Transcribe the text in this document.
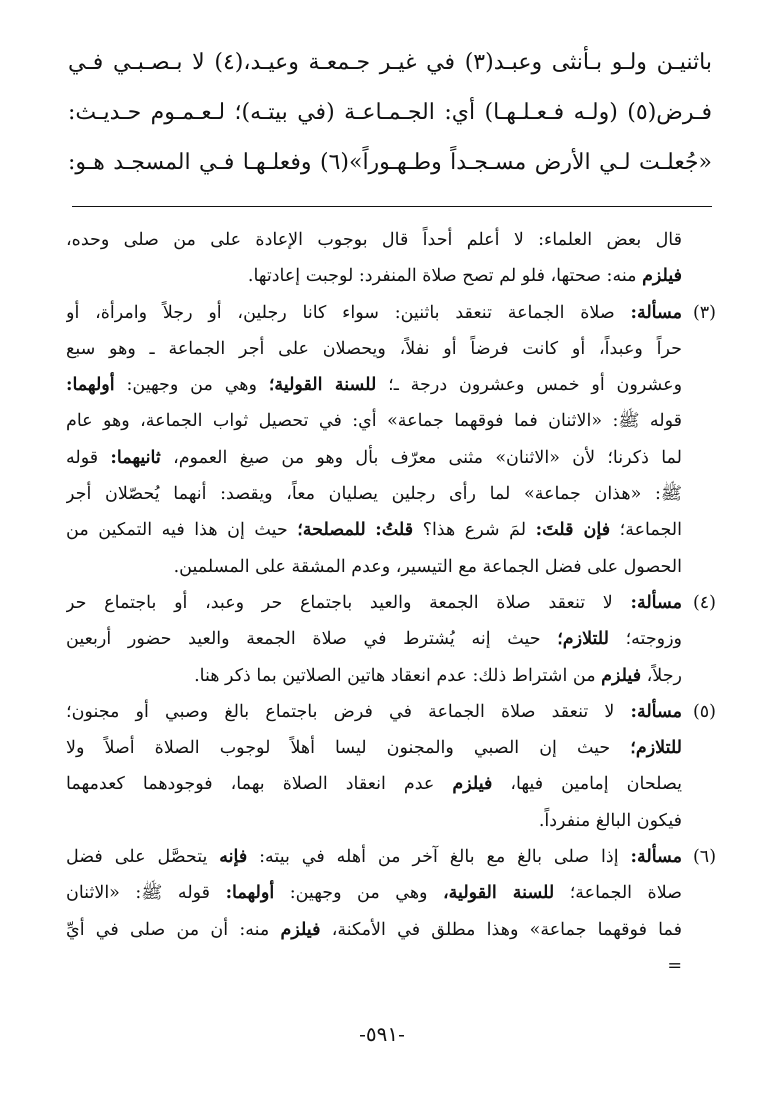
باثنيـن ولـو بـأنثى وعبـد(٣) في غيـر جـمعـة وعيـد،(٤) لا بـصـبـي فـي
فـرض(٥) (ولـه فـعـلـهـا) أي: الجـمـاعـة (في بيتـه)؛ لـعـمـوم حـديـث:
«جُعلـت لـي الأرض مسـجـداً وطـهـوراً»(٦) وفعلـهـا فـي المسجـد هـو:
قال بعض العلماء: لا أعلم أحداً قال بوجوب الإعادة على من صلى وحده،
فيلزم منه: صحتها، فلو لم تصح صلاة المنفرد: لوجبت إعادتها.
(٣)مسألة: صلاة الجماعة تنعقد باثنين: سواء كانا رجلين، أو رجلاً وامرأة، أو
حراً وعبداً، أو كانت فرضاً أو نفلاً، ويحصلان على أجر الجماعة ـ وهو سبع
وعشرون أو خمس وعشرون درجة ـ؛ للسنة القولية؛ وهي من وجهين: أولهما:
قوله ﷺ: «الاثنان فما فوقهما جماعة» أي: في تحصيل ثواب الجماعة، وهو عام
لما ذكرنا؛ لأن «الاثنان» مثنى معرّف بأل وهو من صيغ العموم، ثانيهما: قوله
ﷺ: «هذان جماعة» لما رأى رجلين يصليان معاً، ويقصد: أنهما يُحصّلان أجر
الجماعة؛ فإن قلتَ: لمَ شرع هذا؟ قلتُ: للمصلحة؛ حيث إن هذا فيه التمكين من
الحصول على فضل الجماعة مع التيسير، وعدم المشقة على المسلمين.
(٤)مسألة: لا تنعقد صلاة الجمعة والعيد باجتماع حر وعبد، أو باجتماع حر
وزوجته؛ للتلازم؛ حيث إنه يُشترط في صلاة الجمعة والعيد حضور أربعين
رجلاً، فيلزم من اشتراط ذلك: عدم انعقاد هاتين الصلاتين بما ذكر هنا.
(٥)مسألة: لا تنعقد صلاة الجماعة في فرض باجتماع بالغ وصبي أو مجنون؛
للتلازم؛ حيث إن الصبي والمجنون ليسا أهلاً لوجوب الصلاة أصلاً ولا
يصلحان إمامين فيها، فيلزم عدم انعقاد الصلاة بهما، فوجودهما كعدمهما
فيكون البالغ منفرداً.
(٦)مسألة: إذا صلى بالغ مع بالغ آخر من أهله في بيته: فإنه يتحصَّل على فضل
صلاة الجماعة؛ للسنة القولية، وهي من وجهين: أولهما: قوله ﷺ: «الاثنان
فما فوقهما جماعة» وهذا مطلق في الأمكنة، فيلزم منه: أن من صلى في أيِّ
=
-٥٩١-
